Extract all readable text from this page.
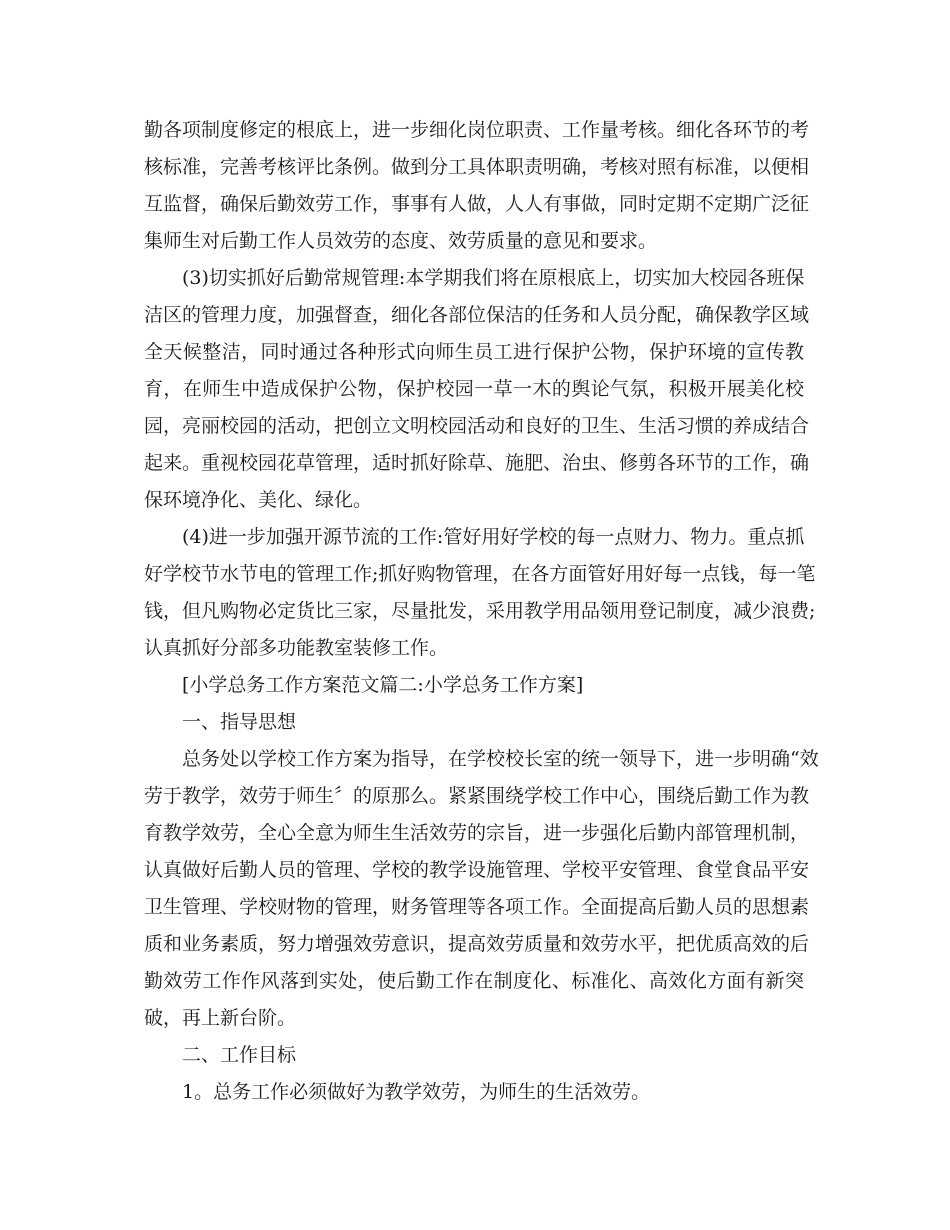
勤各项制度修定的根底上，进一步细化岗位职责、工作量考核。细化各环节的考
核标准，完善考核评比条例。做到分工具体职责明确，考核对照有标准，以便相
互监督，确保后勤效劳工作，事事有人做，人人有事做，同时定期不定期广泛征
集师生对后勤工作人员效劳的态度、效劳质量的意见和要求。
(3)切实抓好后勤常规管理:本学期我们将在原根底上，切实加大校园各班保
洁区的管理力度，加强督查，细化各部位保洁的任务和人员分配，确保教学区域
全天候整洁，同时通过各种形式向师生员工进行保护公物，保护环境的宣传教
育，在师生中造成保护公物，保护校园一草一木的舆论气氛，积极开展美化校
园，亮丽校园的活动，把创立文明校园活动和良好的卫生、生活习惯的养成结合
起来。重视校园花草管理，适时抓好除草、施肥、治虫、修剪各环节的工作，确
保环境净化、美化、绿化。
(4)进一步加强开源节流的工作:管好用好学校的每一点财力、物力。重点抓
好学校节水节电的管理工作;抓好购物管理，在各方面管好用好每一点钱，每一笔
钱，但凡购物必定货比三家，尽量批发，采用教学用品领用登记制度，减少浪费;
认真抓好分部多功能教室装修工作。
[小学总务工作方案范文篇二:小学总务工作方案]
一、指导思想
总务处以学校工作方案为指导，在学校校长室的统一领导下，进一步明确“效
劳于教学，效劳于师生〞的原那么。紧紧围绕学校工作中心，围绕后勤工作为教
育教学效劳，全心全意为师生生活效劳的宗旨，进一步强化后勤内部管理机制，
认真做好后勤人员的管理、学校的教学设施管理、学校平安管理、食堂食品平安
卫生管理、学校财物的管理，财务管理等各项工作。全面提高后勤人员的思想素
质和业务素质，努力增强效劳意识，提高效劳质量和效劳水平，把优质高效的后
勤效劳工作作风落到实处，使后勤工作在制度化、标准化、高效化方面有新突
破，再上新台阶。
二、工作目标
1。总务工作必须做好为教学效劳，为师生的生活效劳。
